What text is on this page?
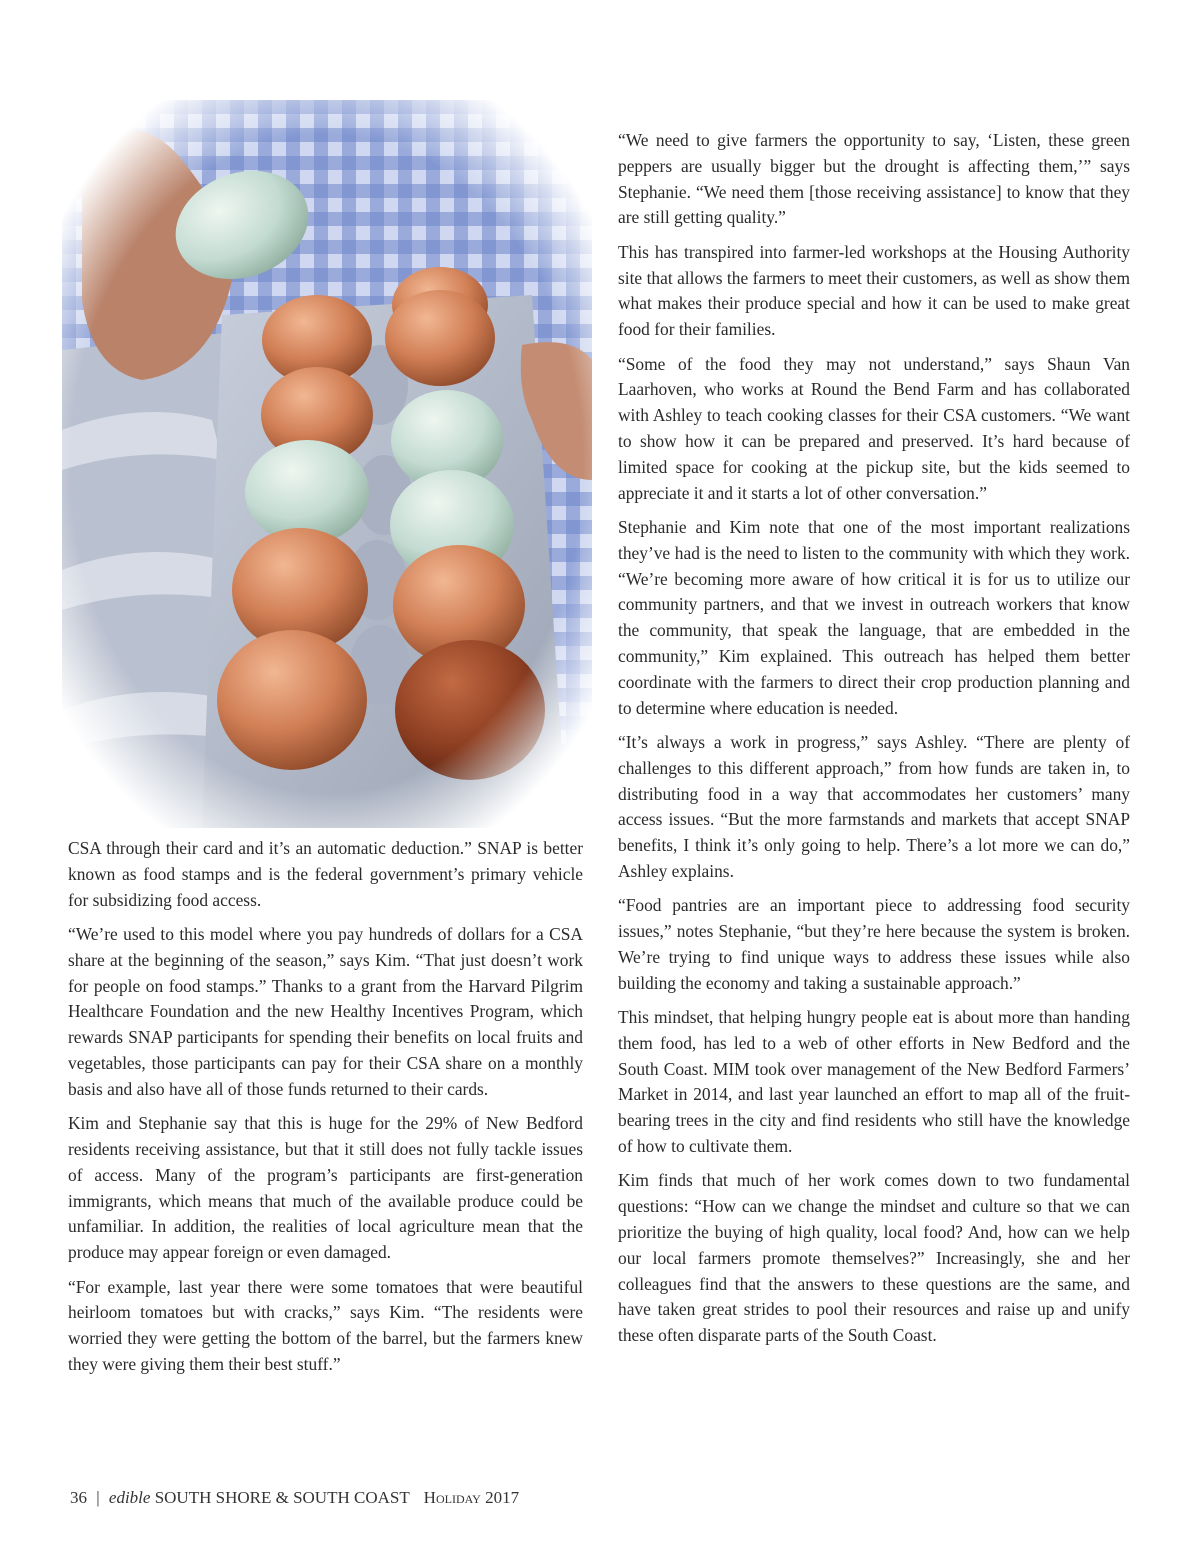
CSA through their card and it’s an automatic deduction.” SNAP is better known as food stamps and is the federal government’s primary vehicle for subsidizing food access.

“We’re used to this model where you pay hundreds of dollars for a CSA share at the beginning of the season,” says Kim. “That just doesn’t work for people on food stamps.” Thanks to a grant from the Harvard Pilgrim Healthcare Foundation and the new Healthy Incentives Program, which rewards SNAP participants for spending their benefits on local fruits and vegetables, those participants can pay for their CSA share on a monthly basis and also have all of those funds returned to their cards.

Kim and Stephanie say that this is huge for the 29% of New Bedford residents receiving assistance, but that it still does not fully tackle issues of access. Many of the program’s participants are first-generation immigrants, which means that much of the available produce could be unfamiliar. In addition, the realities of local agriculture mean that the produce may appear foreign or even damaged.

“For example, last year there were some tomatoes that were beautiful heirloom tomatoes but with cracks,” says Kim. “The residents were worried they were getting the bottom of the barrel, but the farmers knew they were giving them their best stuff.”

“We need to give farmers the opportunity to say, ‘Listen, these green peppers are usually bigger but the drought is affecting them,’” says Stephanie. “We need them [those receiving assistance] to know that they are still getting quality.”

This has transpired into farmer-led workshops at the Housing Authority site that allows the farmers to meet their customers, as well as show them what makes their produce special and how it can be used to make great food for their families.

“Some of the food they may not understand,” says Shaun Van Laarhoven, who works at Round the Bend Farm and has collaborated with Ashley to teach cooking classes for their CSA customers. “We want to show how it can be prepared and preserved. It’s hard because of limited space for cooking at the pickup site, but the kids seemed to appreciate it and it starts a lot of other conversation.”

Stephanie and Kim note that one of the most important realizations they’ve had is the need to listen to the community with which they work. “We’re becoming more aware of how critical it is for us to utilize our community partners, and that we invest in outreach workers that know the community, that speak the language, that are embedded in the community,” Kim explained. This outreach has helped them better coordinate with the farmers to direct their crop production planning and to determine where education is needed.

“It’s always a work in progress,” says Ashley. “There are plenty of challenges to this different approach,” from how funds are taken in, to distributing food in a way that accommodates her customers’ many access issues. “But the more farmstands and markets that accept SNAP benefits, I think it’s only going to help. There’s a lot more we can do,” Ashley explains.

“Food pantries are an important piece to addressing food security issues,” notes Stephanie, “but they’re here because the system is broken. We’re trying to find unique ways to address these issues while also building the economy and taking a sustainable approach.”

This mindset, that helping hungry people eat is about more than handing them food, has led to a web of other efforts in New Bedford and the South Coast. MIM took over management of the New Bedford Farmers’ Market in 2014, and last year launched an effort to map all of the fruit-bearing trees in the city and find residents who still have the knowledge of how to cultivate them.

Kim finds that much of her work comes down to two fundamental questions: “How can we change the mindset and culture so that we can prioritize the buying of high quality, local food? And, how can we help our local farmers promote themselves?” Increasingly, she and her colleagues find that the answers to these questions are the same, and have taken great strides to pool their resources and raise up and unify these often disparate parts of the South Coast.

36 | edible SOUTH SHORE & SOUTH COAST Holiday 2017
